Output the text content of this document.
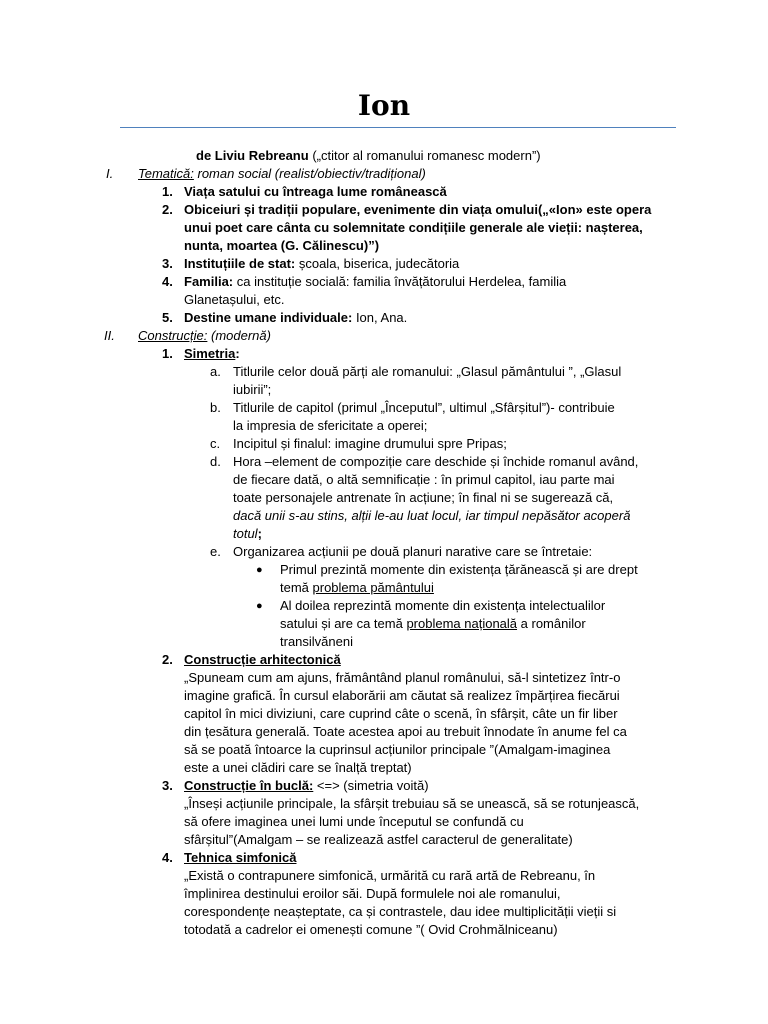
Ion
de Liviu Rebreanu („ctitor al romanului romanesc modern”)
I. Tematică: roman social (realist/obiectiv/tradițional)
1. Viața satului cu întreaga lume românească
2. Obiceiuri și tradiții populare, evenimente din viața omului(„«Ion» este opera
unui poet care cânta cu solemnitate condițiile generale ale vieții: nașterea,
nunta, moartea (G. Călinescu)”)
3. Instituțiile de stat: școala, biserica, judecătoria
4. Familia: ca instituție socială: familia învățătorului Herdelea, familia
Glanetașului, etc.
5. Destine umane individuale: Ion, Ana.
II. Construcție: (modernă)
1. Simetria:
a. Titlurile celor două părți ale romanului: „Glasul pământului ”, „Glasul
iubirii”;
b. Titlurile de capitol (primul „Începutul”, ultimul „Sfârșitul”)- contribuie
la impresia de sfericitate a operei;
c. Incipitul și finalul: imagine drumului spre Pripas;
d. Hora –element de compoziție care deschide și închide romanul având,
de fiecare dată, o altă semnificație : în primul capitol, iau parte mai
toate personajele antrenate în acțiune; în final ni se sugerează că,
dacă unii s-au stins, alții le-au luat locul, iar timpul nepăsător acoperă
totul;
e. Organizarea acțiunii pe două planuri narative care se întretaie:
● Primul prezintă momente din existența țărănească și are drept
temă problema pământului
● Al doilea reprezintă momente din existența intelectualilor
satului și are ca temă problema națională a românilor
transilvăneni
2. Construcție arhitectonică
„Spuneam cum am ajuns, frământând planul românului, să-l sintetizez într-o
imagine grafică. În cursul elaborării am căutat să realizez împărțirea fiecărui
capitol în mici diviziuni, care cuprind câte o scenă, în sfârșit, câte un fir liber
din țesătura generală. Toate acestea apoi au trebuit înnodate în anume fel ca
să se poată întoarce la cuprinsul acțiunilor principale ”(Amalgam-imaginea
este a unei clădiri care se înalță treptat)
3. Construcție în buclă: <=> (simetria voită)
„Înseși acțiunile principale, la sfârșit trebuiau să se unească, să se rotunjească,
să ofere imaginea unei lumi unde începutul se confundă cu
sfârșitul”(Amalgam – se realizează astfel caracterul de generalitate)
4. Tehnica simfonică
„Există o contrapunere simfonică, urmărită cu rară artă de Rebreanu, în
împlinirea destinului eroilor săi. După formulele noi ale romanului,
corespondențe neașteptate, ca și contrastele, dau idee multiplicității vieții si
totodată a cadrelor ei omenești comune ”( Ovid Crohmălniceanu)
